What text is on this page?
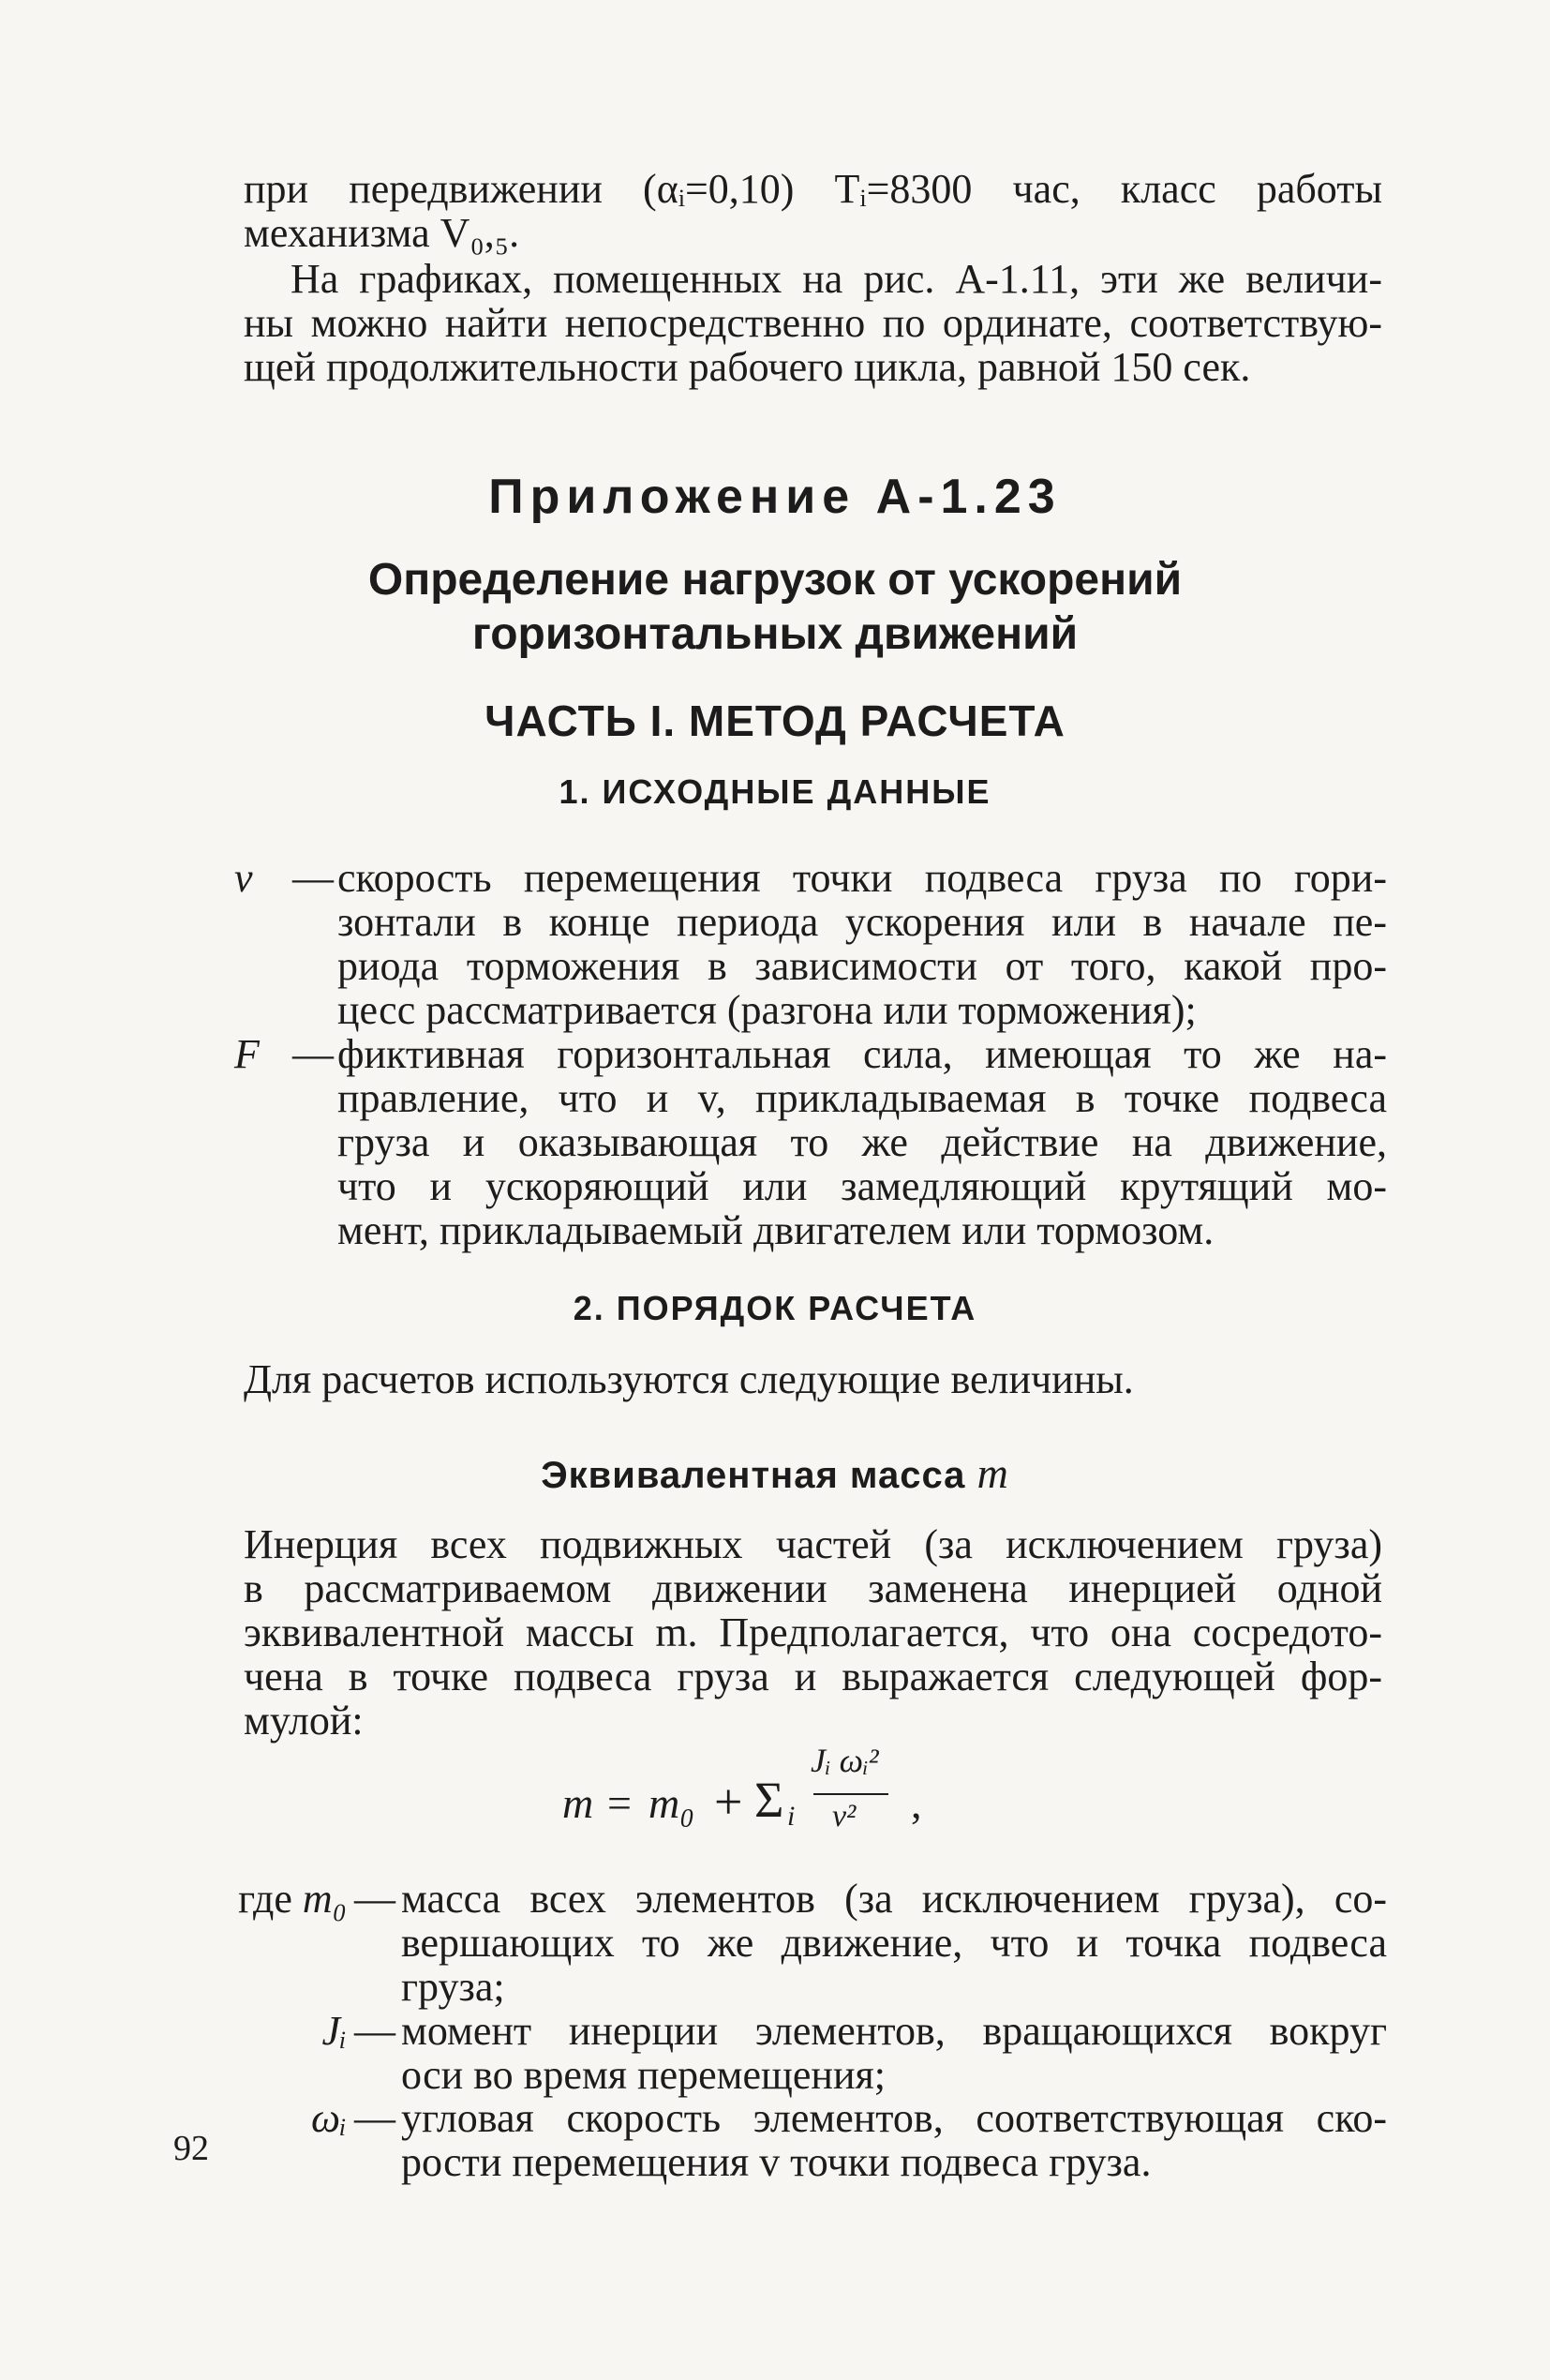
при передвижении (αᵢ=0,10) Tᵢ=8300 час, класс работы
механизма V₀,₅.
На графиках, помещенных на рис. А-1.11, эти же величи-
ны можно найти непосредственно по ординате, соответствую-
щей продолжительности рабочего цикла, равной 150 сек.
Приложение А-1.23
Определение нагрузок от ускорений
горизонтальных движений
ЧАСТЬ I. МЕТОД РАСЧЕТА
1. ИСХОДНЫЕ ДАННЫЕ
v — скорость перемещения точки подвеса груза по гори-
зонтали в конце периода ускорения или в начале пе-
риода торможения в зависимости от того, какой про-
цесс рассматривается (разгона или торможения);
F — фиктивная горизонтальная сила, имеющая то же на-
правление, что и v, прикладываемая в точке подвеса
груза и оказывающая то же действие на движение,
что и ускоряющий или замедляющий крутящий мо-
мент, прикладываемый двигателем или тормозом.
2. ПОРЯДОК РАСЧЕТА
Для расчетов используются следующие величины.
Эквивалентная масса m
Инерция всех подвижных частей (за исключением груза)
в рассматриваемом движении заменена инерцией одной
эквивалентной массы m. Предполагается, что она сосредото-
чена в точке подвеса груза и выражается следующей фор-
мулой:
m = m₀ + Σ i
Jᵢ ωᵢ²
v² ,
где m₀ — масса всех элементов (за исключением груза), со-
вершающих то же движение, что и точка подвеса
груза;
Jᵢ — момент инерции элементов, вращающихся вокруг
оси во время перемещения;
ωᵢ — угловая скорость элементов, соответствующая ско-
рости перемещения v точки подвеса груза.
92
